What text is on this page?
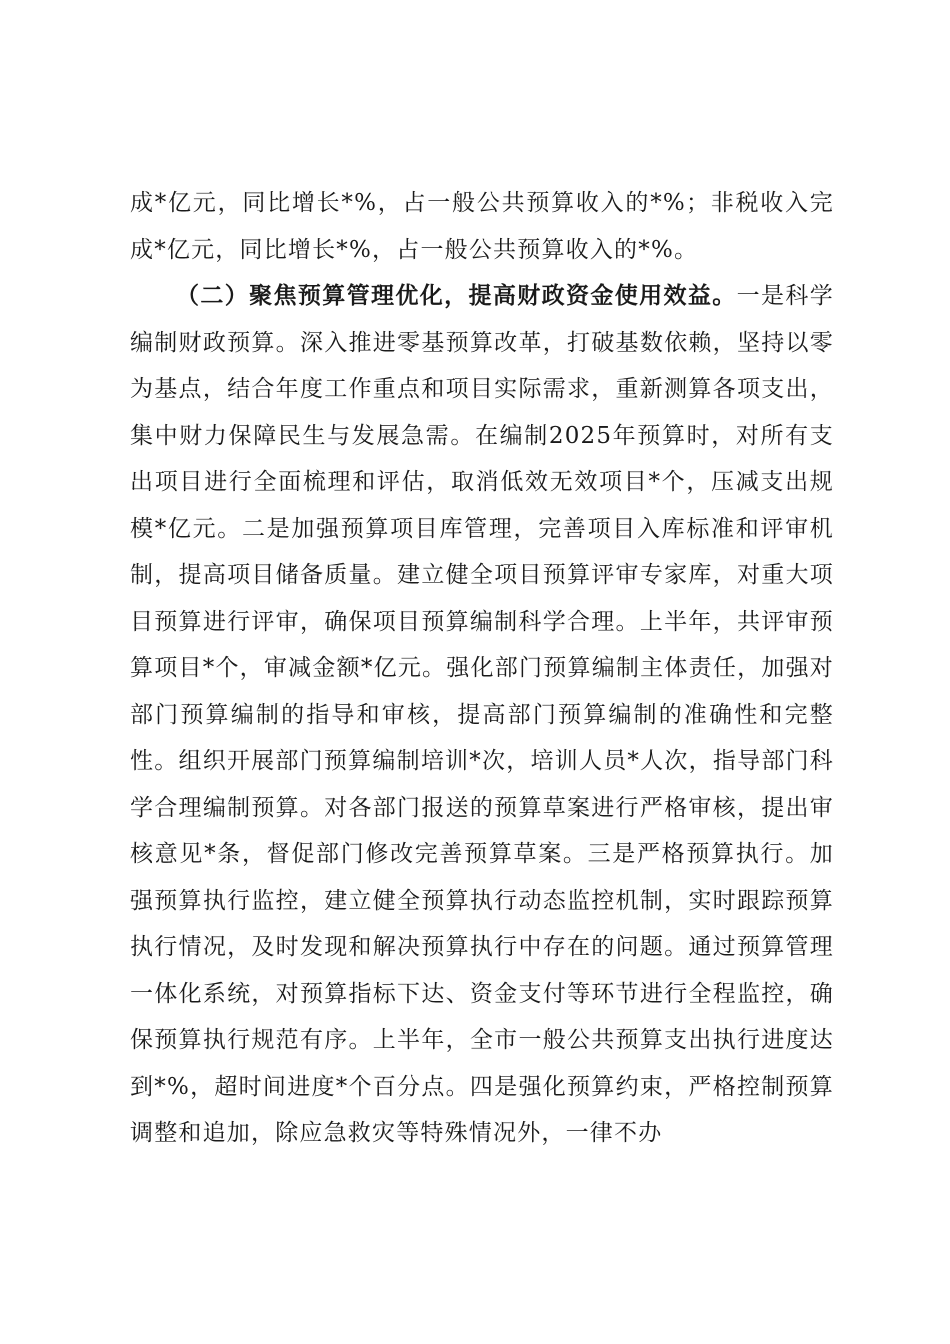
成*亿元，同比增长*%，占一般公共预算收入的*%；非税收入完成*亿元，同比增长*%，占一般公共预算收入的*%。

（二）聚焦预算管理优化，提高财政资金使用效益。一是科学编制财政预算。深入推进零基预算改革，打破基数依赖，坚持以零为基点，结合年度工作重点和项目实际需求，重新测算各项支出，集中财力保障民生与发展急需。在编制2025年预算时，对所有支出项目进行全面梳理和评估，取消低效无效项目*个，压减支出规模*亿元。二是加强预算项目库管理，完善项目入库标准和评审机制，提高项目储备质量。建立健全项目预算评审专家库，对重大项目预算进行评审，确保项目预算编制科学合理。上半年，共评审预算项目*个，审减金额*亿元。强化部门预算编制主体责任，加强对部门预算编制的指导和审核，提高部门预算编制的准确性和完整性。组织开展部门预算编制培训*次，培训人员*人次，指导部门科学合理编制预算。对各部门报送的预算草案进行严格审核，提出审核意见*条，督促部门修改完善预算草案。三是严格预算执行。加强预算执行监控，建立健全预算执行动态监控机制，实时跟踪预算执行情况，及时发现和解决预算执行中存在的问题。通过预算管理一体化系统，对预算指标下达、资金支付等环节进行全程监控，确保预算执行规范有序。上半年，全市一般公共预算支出执行进度达到*%，超时间进度*个百分点。四是强化预算约束，严格控制预算调整和追加，除应急救灾等特殊情况外，一律不办
